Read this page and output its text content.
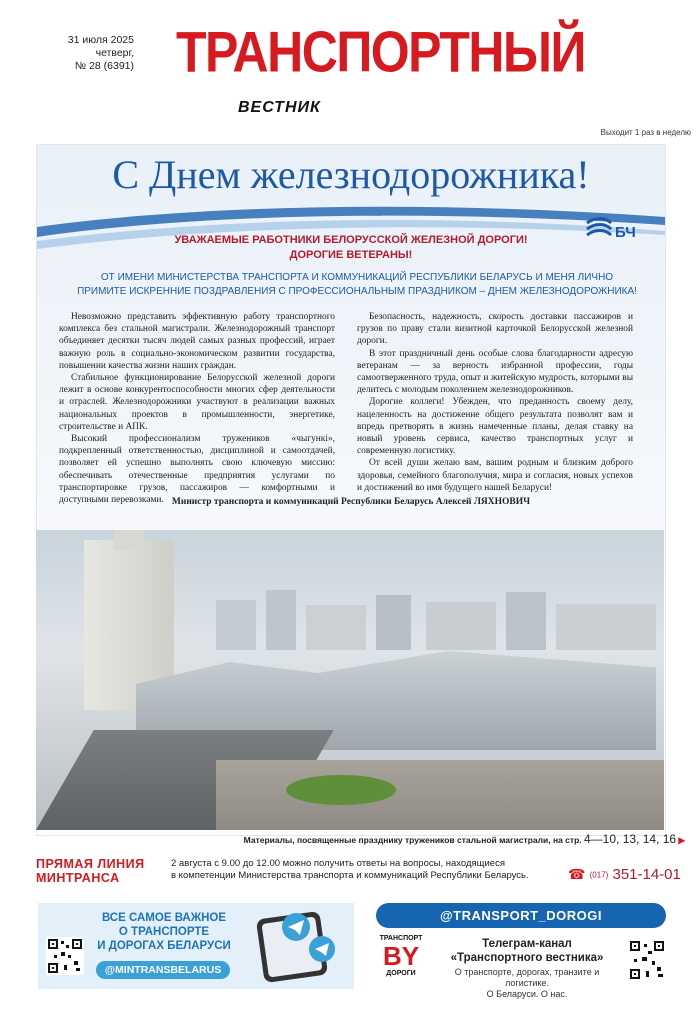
31 июля 2025
четверг,
№ 28 (6391) ТРАНСПОРТНЫЙ
ВЕСТНИК
Выходит 1 раз в неделю
С Днем железнодорожника!
БЧ
УВАЖАЕМЫЕ РАБОТНИКИ БЕЛОРУССКОЙ ЖЕЛЕЗНОЙ ДОРОГИ!
ДОРОГИЕ ВЕТЕРАНЫ!
ОТ ИМЕНИ МИНИСТЕРСТВА ТРАНСПОРТА И КОММУНИКАЦИЙ РЕСПУБЛИКИ БЕЛАРУСЬ И МЕНЯ ЛИЧНО
ПРИМИТЕ ИСКРЕННИЕ ПОЗДРАВЛЕНИЯ С ПРОФЕССИОНАЛЬНЫМ ПРАЗДНИКОМ – ДНЕМ ЖЕЛЕЗНОДОРОЖНИКА!

Невозможно представить эффективную работу транспортного комплекса без стальной магистрали. Железнодорожный транспорт объединяет десятки тысяч людей самых разных профессий, играет важную роль в социально-экономическом развитии государства, повышении качества жизни наших граждан.

Стабильное функционирование Белорусской железной дороги лежит в основе конкурентоспособности многих сфер деятельности и отраслей. Железнодорожники участвуют в реализации важных национальных проектов в промышленности, энергетике, строительстве и АПК.

Высокий профессионализм тружеников «чыгункі», подкрепленный ответственностью, дисциплиной и самоотдачей, позволяет ей успешно выполнять свою ключевую миссию: обеспечивать отечественные предприятия услугами по транспортировке грузов, пассажиров — комфортными и доступными перевозками.

Безопасность, надежность, скорость доставки пассажиров и грузов по праву стали визитной карточкой Белорусской железной дороги.

В этот праздничный день особые слова благодарности адресую ветеранам — за верность избранной профессии, годы самоотверженного труда, опыт и житейскую мудрость, которыми вы делитесь с молодым поколением железнодорожников.

Дорогие коллеги! Убежден, что преданность своему делу, нацеленность на достижение общего результата позволят вам и впредь претворять в жизнь намеченные планы, делая ставку на новый уровень сервиса, качество транспортных услуг и современную логистику.

От всей души желаю вам, вашим родным и близким доброго здоровья, семейного благополучия, мира и согласия, новых успехов и достижений во имя будущего нашей Беларуси!

Министр транспорта и коммуникаций Республики Беларусь Алексей ЛЯХНОВИЧ
Материалы, посвященные празднику тружеников стальной магистрали, на стр. 4—10, 13, 14, 16 ▶
ПРЯМАЯ ЛИНИЯ
МИНТРАНСА
2 августа с 9.00 до 12.00 можно получить ответы на вопросы, находящиеся
в компетенции Министерства транспорта и коммуникаций Республики Беларусь.	☎ (017) 351-14-01
ВСЕ САМОЕ ВАЖНОЕ
О ТРАНСПОРТЕ
И ДОРОГАХ БЕЛАРУСИ
@MINTRANSBELARUS
@TRANSPORT_DOROGI
ТРАНСПОРТ
BY
ДОРОГИ
Телеграм-канал
«Транспортного вестника»
О транспорте, дорогах, транзите и логистике.
О Беларуси. О нас.
